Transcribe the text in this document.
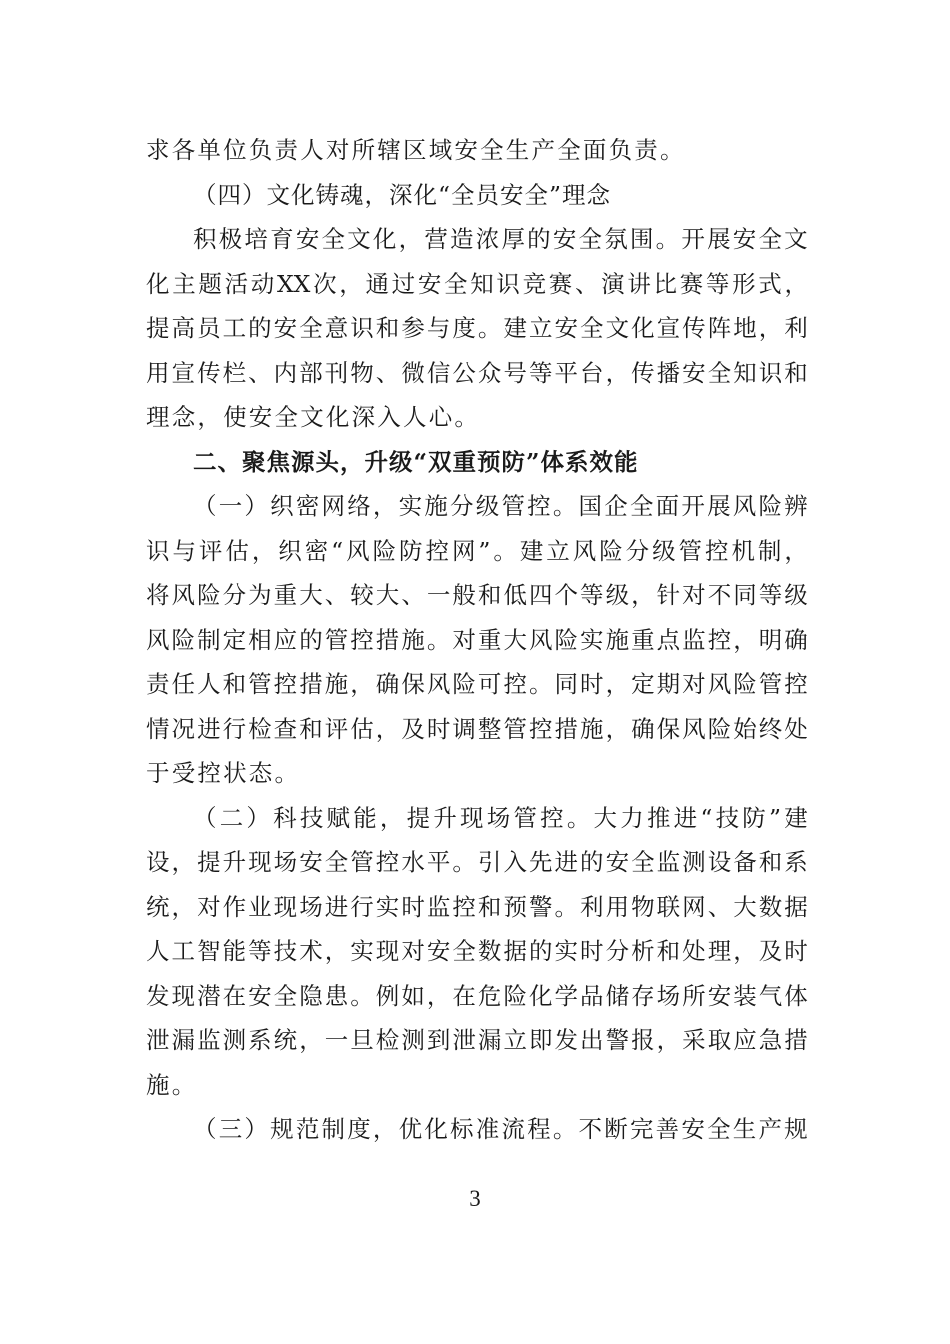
求各单位负责人对所辖区域安全生产全面负责。
（四）文化铸魂，深化“全员安全”理念
积 极 培 育 安 全 文 化 ， 营 造 浓 厚 的 安 全 氛 围 。 开 展 安 全 文
化 主 题 活 动 XX 次 ， 通 过 安 全 知 识 竞 赛 、 演 讲 比 赛 等 形 式 ，
提 高 员 工 的 安 全 意 识 和 参 与 度 。 建 立 安 全 文 化 宣 传 阵 地 ， 利
用 宣 传 栏 、 内 部 刊 物 、 微 信 公 众 号 等 平 台 ， 传 播 安 全 知 识 和
理念，使安全文化深入人心。
二、聚焦源头，升级“双重预防”体系效能
（ 一 ） 织 密 网 络 ， 实 施 分 级 管 控 。 国 企 全 面 开 展 风 险 辨
识 与 评 估 ， 织 密 “ 风 险 防 控 网 ” 。 建 立 风 险 分 级 管 控 机 制 ，
将 风 险 分 为 重 大 、 较 大 、 一 般 和 低 四 个 等 级 ， 针 对 不 同 等 级
风 险 制 定 相 应 的 管 控 措 施 。 对 重 大 风 险 实 施 重 点 监 控 ， 明 确
责 任 人 和 管 控 措 施 ， 确 保 风 险 可 控 。 同 时 ， 定 期 对 风 险 管 控
情 况 进 行 检 查 和 评 估 ， 及 时 调 整 管 控 措 施 ， 确 保 风 险 始 终 处
于受控状态。
（ 二 ） 科 技 赋 能 ， 提 升 现 场 管 控 。 大 力 推 进 “ 技 防 ” 建
设 ， 提 升 现 场 安 全 管 控 水 平 。 引 入 先 进 的 安 全 监 测 设 备 和 系
统 ， 对 作 业 现 场 进 行 实 时 监 控 和 预 警 。 利 用 物 联 网 、 大 数 据
人 工 智 能 等 技 术 ， 实 现 对 安 全 数 据 的 实 时 分 析 和 处 理 ， 及 时
发 现 潜 在 安 全 隐 患 。 例 如 ， 在 危 险 化 学 品 储 存 场 所 安 装 气 体
泄 漏 监 测 系 统 ， 一 旦 检 测 到 泄 漏 立 即 发 出 警 报 ， 采 取 应 急 措
施。
（ 三 ） 规 范 制 度 ， 优 化 标 准 流 程 。 不 断 完 善 安 全 生 产 规
3
